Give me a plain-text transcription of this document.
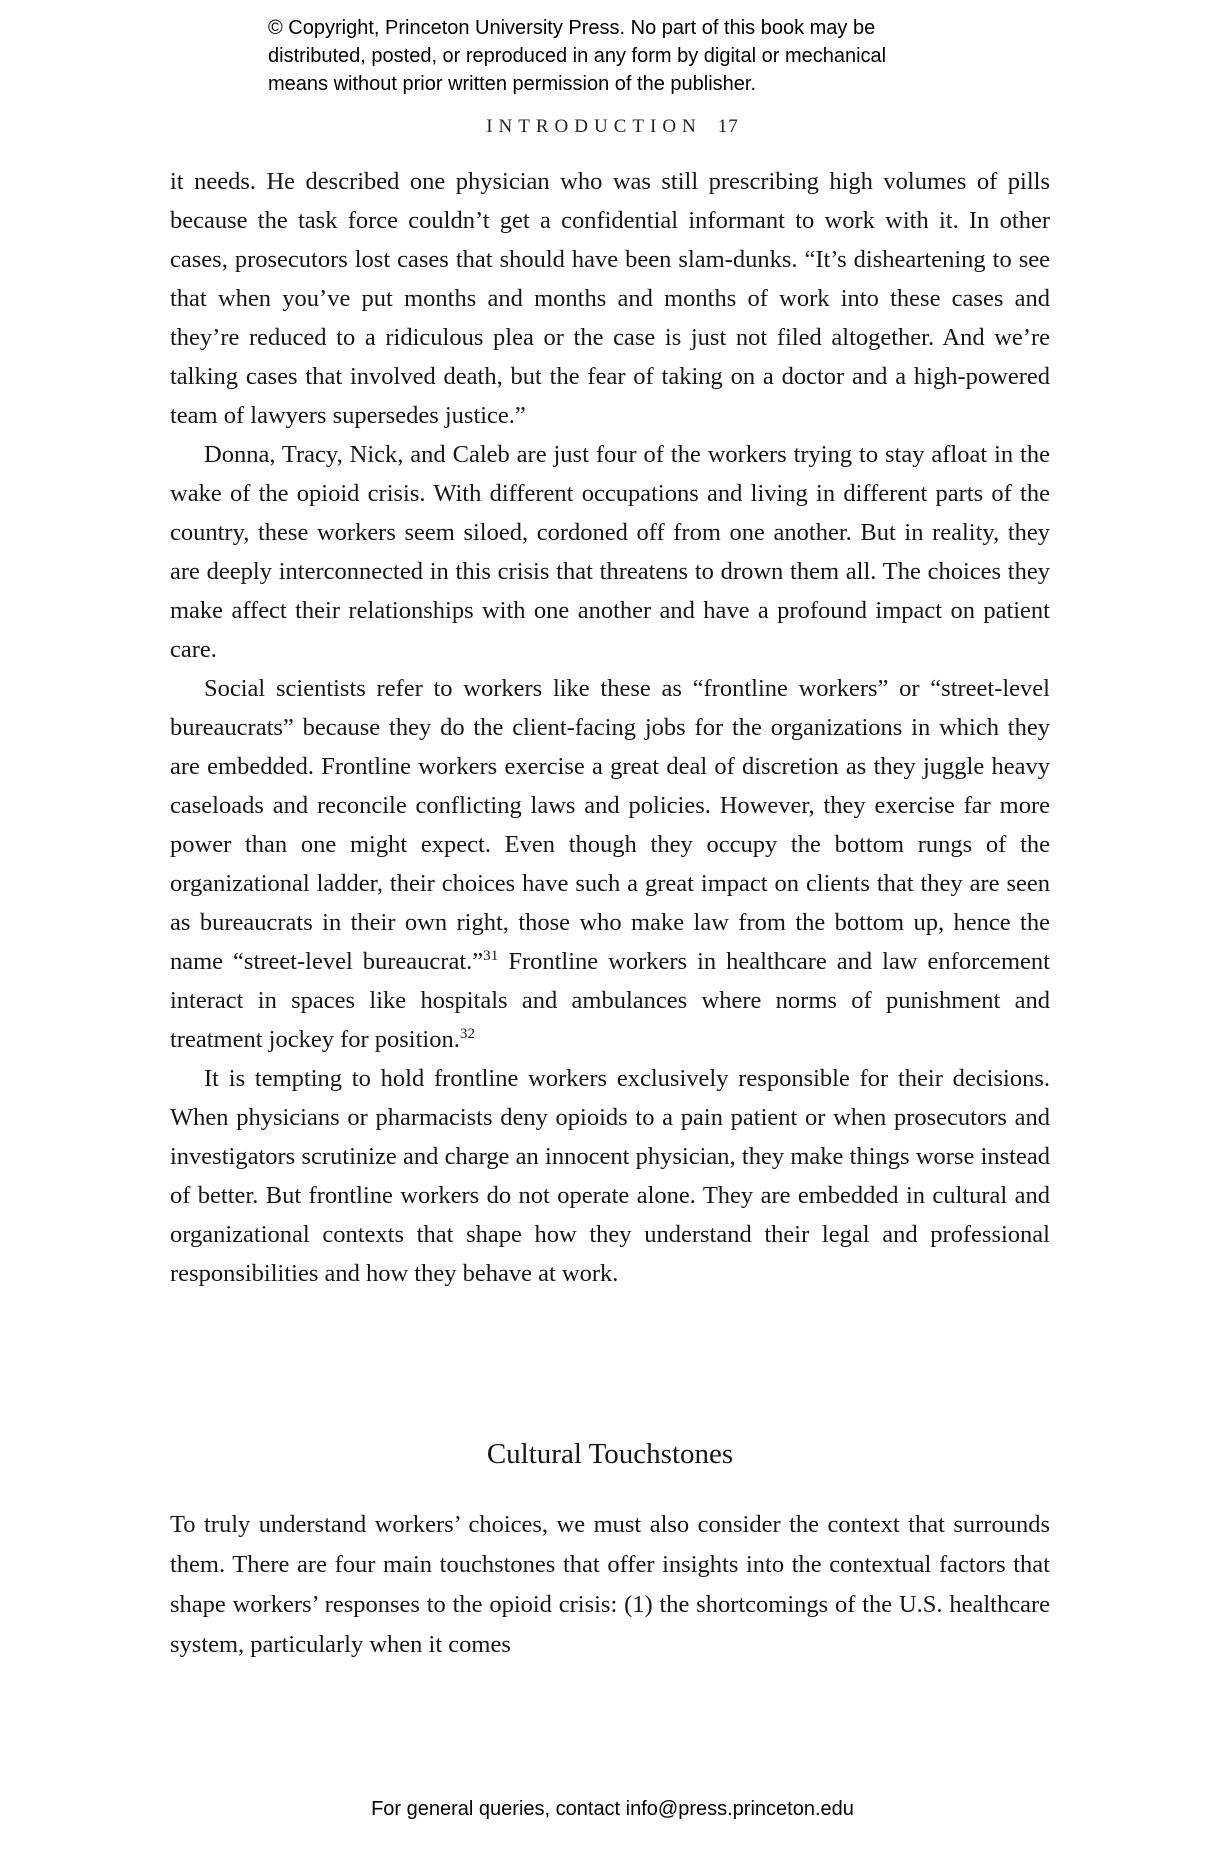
© Copyright, Princeton University Press. No part of this book may be
distributed, posted, or reproduced in any form by digital or mechanical
means without prior written permission of the publisher.
INTRODUCTION 17

it needs. He described one physician who was still prescribing high volumes of pills because the task force couldn’t get a confidential informant to work with it. In other cases, prosecutors lost cases that should have been slam-dunks. “It’s disheartening to see that when you’ve put months and months and months of work into these cases and they’re reduced to a ridiculous plea or the case is just not filed altogether. And we’re talking cases that involved death, but the fear of taking on a doctor and a high-powered team of lawyers supersedes justice.”

Donna, Tracy, Nick, and Caleb are just four of the workers trying to stay afloat in the wake of the opioid crisis. With different occupations and living in different parts of the country, these workers seem siloed, cordoned off from one another. But in reality, they are deeply interconnected in this crisis that threatens to drown them all. The choices they make affect their relationships with one another and have a profound impact on patient care.

Social scientists refer to workers like these as “frontline workers” or “street-level bureaucrats” because they do the client-facing jobs for the organizations in which they are embedded. Frontline workers exercise a great deal of discretion as they juggle heavy caseloads and reconcile conflicting laws and policies. However, they exercise far more power than one might expect. Even though they occupy the bottom rungs of the organizational ladder, their choices have such a great impact on clients that they are seen as bureaucrats in their own right, those who make law from the bottom up, hence the name “street-level bureaucrat.”$^{31}$ Frontline workers in healthcare and law enforcement interact in spaces like hospitals and ambulances where norms of punishment and treatment jockey for position.$^{32}$

It is tempting to hold frontline workers exclusively responsible for their decisions. When physicians or pharmacists deny opioids to a pain patient or when prosecutors and investigators scrutinize and charge an innocent physician, they make things worse instead of better. But frontline workers do not operate alone. They are embedded in cultural and organizational contexts that shape how they understand their legal and professional responsibilities and how they behave at work.

Cultural Touchstones

To truly understand workers’ choices, we must also consider the context that surrounds them. There are four main touchstones that offer insights into the contextual factors that shape workers’ responses to the opioid crisis: (1) the shortcomings of the U.S. healthcare system, particularly when it comes

For general queries, contact info@press.princeton.edu
